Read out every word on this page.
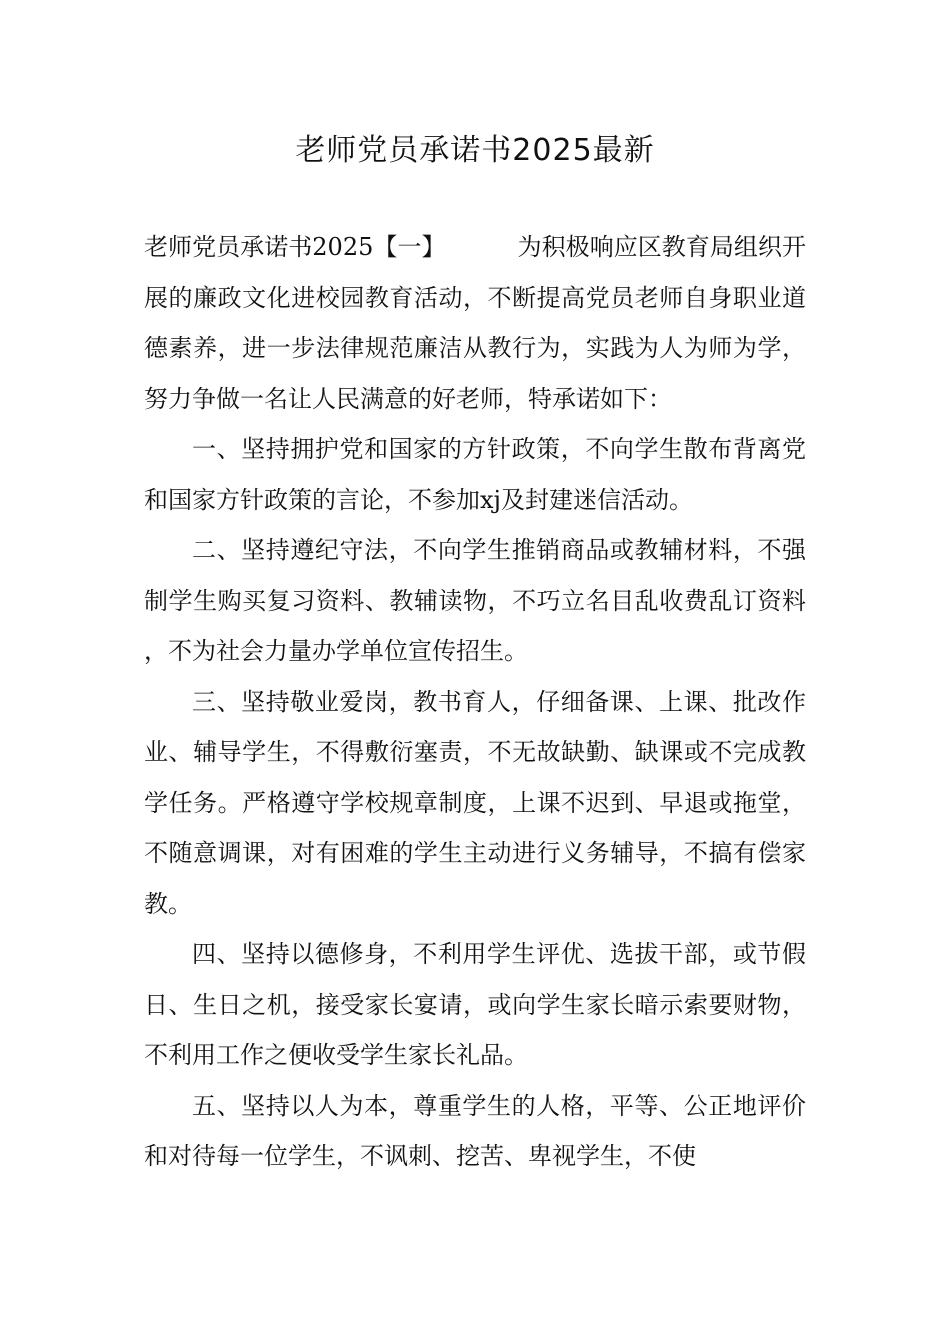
老师党员承诺书2025最新

老师党员承诺书2025【一】	为积极响应区教育局组织开展的廉政文化进校园教育活动，不断提高党员老师自身职业道德素养，进一步法律规范廉洁从教行为，实践为人为师为学，努力争做一名让人民满意的好老师，特承诺如下：

一、坚持拥护党和国家的方针政策，不向学生散布背离党和国家方针政策的言论，不参加xj及封建迷信活动。

二、坚持遵纪守法，不向学生推销商品或教辅材料，不强制学生购买复习资料、教辅读物，不巧立名目乱收费乱订资料 ，不为社会力量办学单位宣传招生。

三、坚持敬业爱岗，教书育人，仔细备课、上课、批改作业、辅导学生，不得敷衍塞责，不无故缺勤、缺课或不完成教学任务。严格遵守学校规章制度，上课不迟到、早退或拖堂，不随意调课，对有困难的学生主动进行义务辅导，不搞有偿家教。

四、坚持以德修身，不利用学生评优、选拔干部，或节假日、生日之机，接受家长宴请，或向学生家长暗示索要财物，不利用工作之便收受学生家长礼品。

五、坚持以人为本，尊重学生的人格，平等、公正地评价和对待每一位学生，不讽刺、挖苦、卑视学生，不使
